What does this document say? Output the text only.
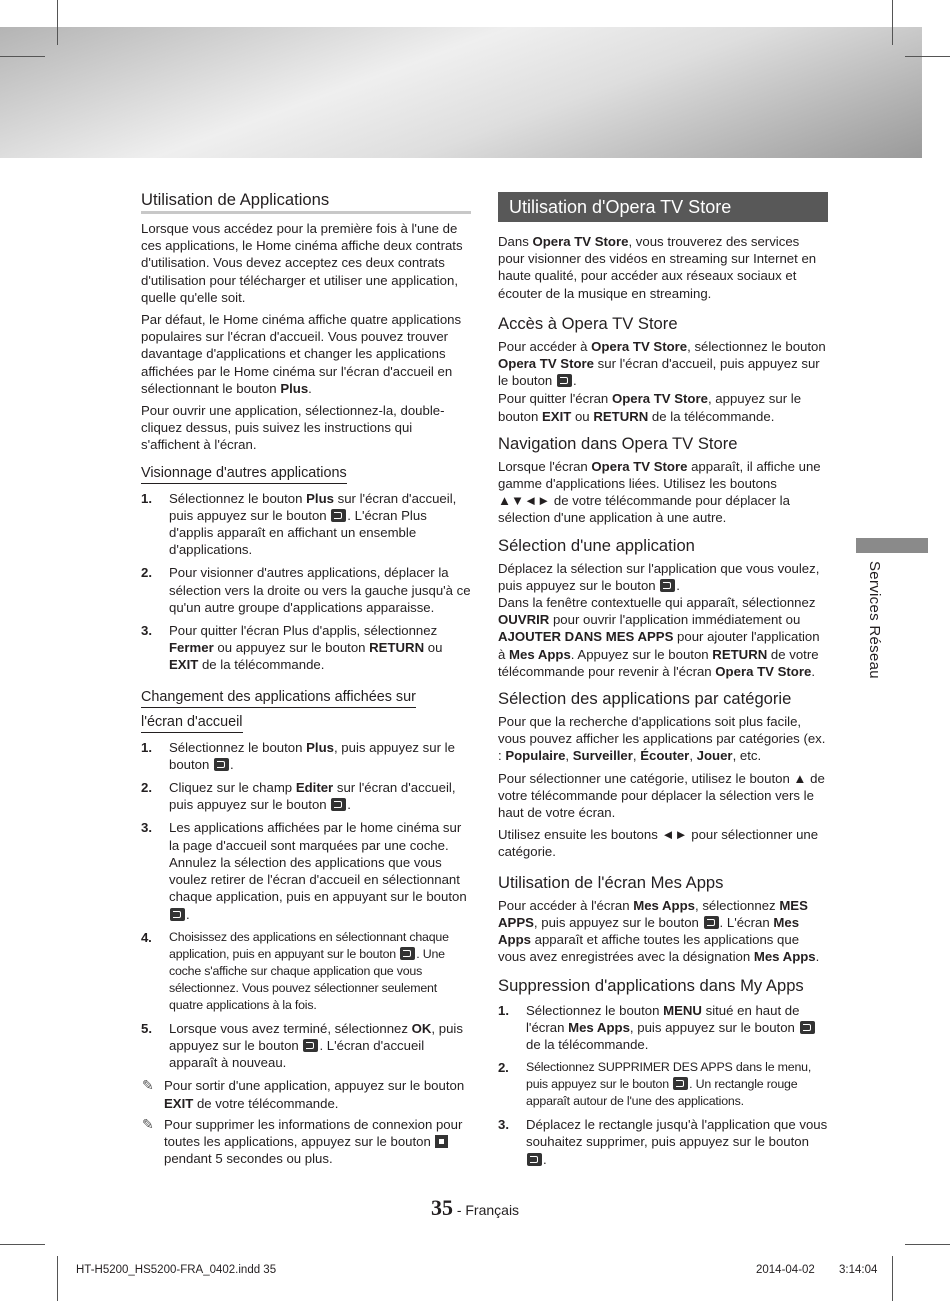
Services Réseau
Utilisation de Applications

Lorsque vous accédez pour la première fois à l'une de ces applications, le Home cinéma affiche deux contrats d'utilisation. Vous devez acceptez ces deux contrats d'utilisation pour télécharger et utiliser une application, quelle qu'elle soit.

Par défaut, le Home cinéma affiche quatre applications populaires sur l'écran d'accueil. Vous pouvez trouver davantage d'applications et changer les applications affichées par le Home cinéma sur l'écran d'accueil en sélectionnant le bouton Plus.

Pour ouvrir une application, sélectionnez-la, double-cliquez dessus, puis suivez les instructions qui s'affichent à l'écran.

Visionnage d'autres applications
1. Sélectionnez le bouton Plus sur l'écran d'accueil, puis appuyez sur le bouton . L'écran Plus d'applis apparaît en affichant un ensemble d'applications.
2. Pour visionner d'autres applications, déplacer la sélection vers la droite ou vers la gauche jusqu'à ce qu'un autre groupe d'applications apparaisse.
3. Pour quitter l'écran Plus d'applis, sélectionnez Fermer ou appuyez sur le bouton RETURN ou EXIT de la télécommande.
Changement des applications affichées sur
l'écran d'accueil
1. Sélectionnez le bouton Plus, puis appuyez sur le bouton .
2. Cliquez sur le champ Editer sur l'écran d'accueil, puis appuyez sur le bouton .
3. Les applications affichées par le home cinéma sur la page d'accueil sont marquées par une coche. Annulez la sélection des applications que vous voulez retirer de l'écran d'accueil en sélectionnant chaque application, puis en appuyant sur le bouton .
4. Choisissez des applications en sélectionnant chaque application, puis en appuyant sur le bouton . Une coche s'affiche sur chaque application que vous sélectionnez. Vous pouvez sélectionner seulement quatre applications à la fois.
5. Lorsque vous avez terminé, sélectionnez OK, puis appuyez sur le bouton . L'écran d'accueil apparaît à nouveau.
✎ Pour sortir d'une application, appuyez sur le bouton EXIT de votre télécommande.
✎ Pour supprimer les informations de connexion pour toutes les applications, appuyez sur le bouton  pendant 5 secondes ou plus.
Utilisation d'Opera TV Store

Dans Opera TV Store, vous trouverez des services pour visionner des vidéos en streaming sur Internet en haute qualité, pour accéder aux réseaux sociaux et écouter de la musique en streaming.

Accès à Opera TV Store

Pour accéder à Opera TV Store, sélectionnez le bouton Opera TV Store sur l'écran d'accueil, puis appuyez sur le bouton .

Pour quitter l'écran Opera TV Store, appuyez sur le bouton EXIT ou RETURN de la télécommande.

Navigation dans Opera TV Store

Lorsque l'écran Opera TV Store apparaît, il affiche une gamme d'applications liées. Utilisez les boutons ▲▼◄► de votre télécommande pour déplacer la sélection d'une application à une autre.

Sélection d'une application

Déplacez la sélection sur l'application que vous voulez, puis appuyez sur le bouton .

Dans la fenêtre contextuelle qui apparaît, sélectionnez OUVRIR pour ouvrir l'application immédiatement ou AJOUTER DANS MES APPS pour ajouter l'application à Mes Apps. Appuyez sur le bouton RETURN de votre télécommande pour revenir à l'écran Opera TV Store.

Sélection des applications par catégorie

Pour que la recherche d'applications soit plus facile, vous pouvez afficher les applications par catégories (ex. : Populaire, Surveiller, Écouter, Jouer, etc.

Pour sélectionner une catégorie, utilisez le bouton ▲ de votre télécommande pour déplacer la sélection vers le haut de votre écran.

Utilisez ensuite les boutons ◄► pour sélectionner une catégorie.

Utilisation de l'écran Mes Apps

Pour accéder à l'écran Mes Apps, sélectionnez MES APPS, puis appuyez sur le bouton . L'écran Mes Apps apparaît et affiche toutes les applications que vous avez enregistrées avec la désignation Mes Apps.

Suppression d'applications dans My Apps
1. Sélectionnez le bouton MENU situé en haut de l'écran Mes Apps, puis appuyez sur le bouton  de la télécommande.
2. Sélectionnez SUPPRIMER DES APPS dans le menu, puis appuyez sur le bouton . Un rectangle rouge apparaît autour de l'une des applications.
3. Déplacez le rectangle jusqu'à l'application que vous souhaitez supprimer, puis appuyez sur le bouton .
35 - Français
HT-H5200_HS5200-FRA_0402.indd 35	2014-04-02 3:14:04
